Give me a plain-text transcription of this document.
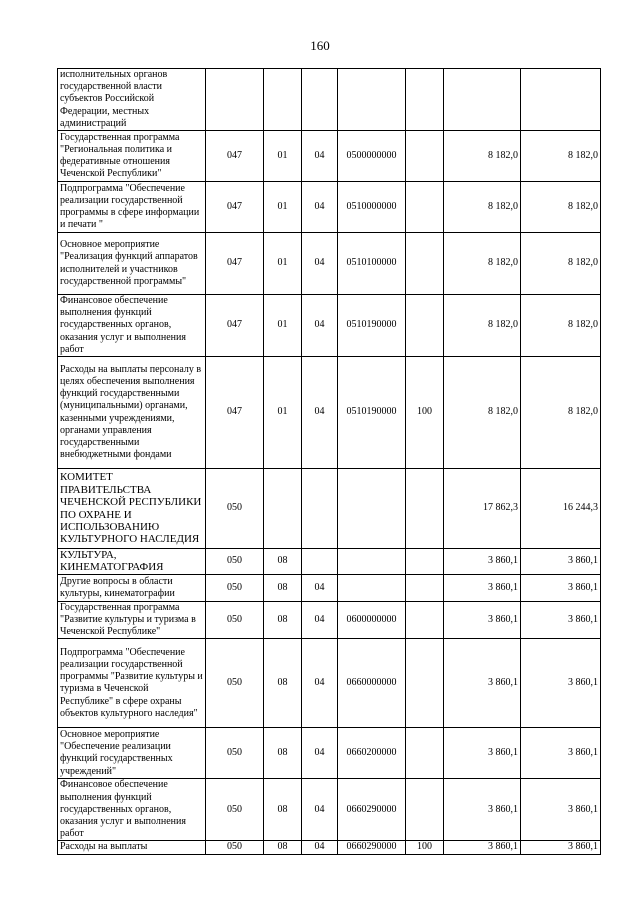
160
исполнительных органов государственной власти субъектов Российской Федерации, местных администраций							
Государственная программа "Региональная политика и федеративные отношения Чеченской Республики"	047	01	04	0500000000		8 182,0	8 182,0
Подпрограмма "Обеспечение реализации государственной программы в сфере информации и печати "	047	01	04	0510000000		8 182,0	8 182,0
Основное мероприятие "Реализация функций аппаратов исполнителей и участников государственной программы"	047	01	04	0510100000		8 182,0	8 182,0
Финансовое обеспечение выполнения функций государственных органов, оказания услуг и выполнения работ	047	01	04	0510190000		8 182,0	8 182,0
Расходы на выплаты персоналу в целях обеспечения выполнения функций государственными (муниципальными) органами, казенными учреждениями, органами управления государственными внебюджетными фондами	047	01	04	0510190000	100	8 182,0	8 182,0
КОМИТЕТ ПРАВИТЕЛЬСТВА ЧЕЧЕНСКОЙ РЕСПУБЛИКИ ПО ОХРАНЕ И ИСПОЛЬЗОВАНИЮ КУЛЬТУРНОГО НАСЛЕДИЯ	050					17 862,3	16 244,3
КУЛЬТУРА, КИНЕМАТОГРАФИЯ	050	08				3 860,1	3 860,1
Другие вопросы в области культуры, кинематографии	050	08	04			3 860,1	3 860,1
Государственная программа "Развитие культуры и туризма в Чеченской Республике"	050	08	04	0600000000		3 860,1	3 860,1
Подпрограмма "Обеспечение реализации государственной программы "Развитие культуры и туризма в Чеченской Республике" в сфере охраны объектов культурного наследия"	050	08	04	0660000000		3 860,1	3 860,1
Основное мероприятие "Обеспечение реализации функций государственных учреждений"	050	08	04	0660200000		3 860,1	3 860,1
Финансовое обеспечение выполнения функций государственных органов, оказания услуг и выполнения работ	050	08	04	0660290000		3 860,1	3 860,1
Расходы на выплаты	050	08	04	0660290000	100	3 860,1	3 860,1
